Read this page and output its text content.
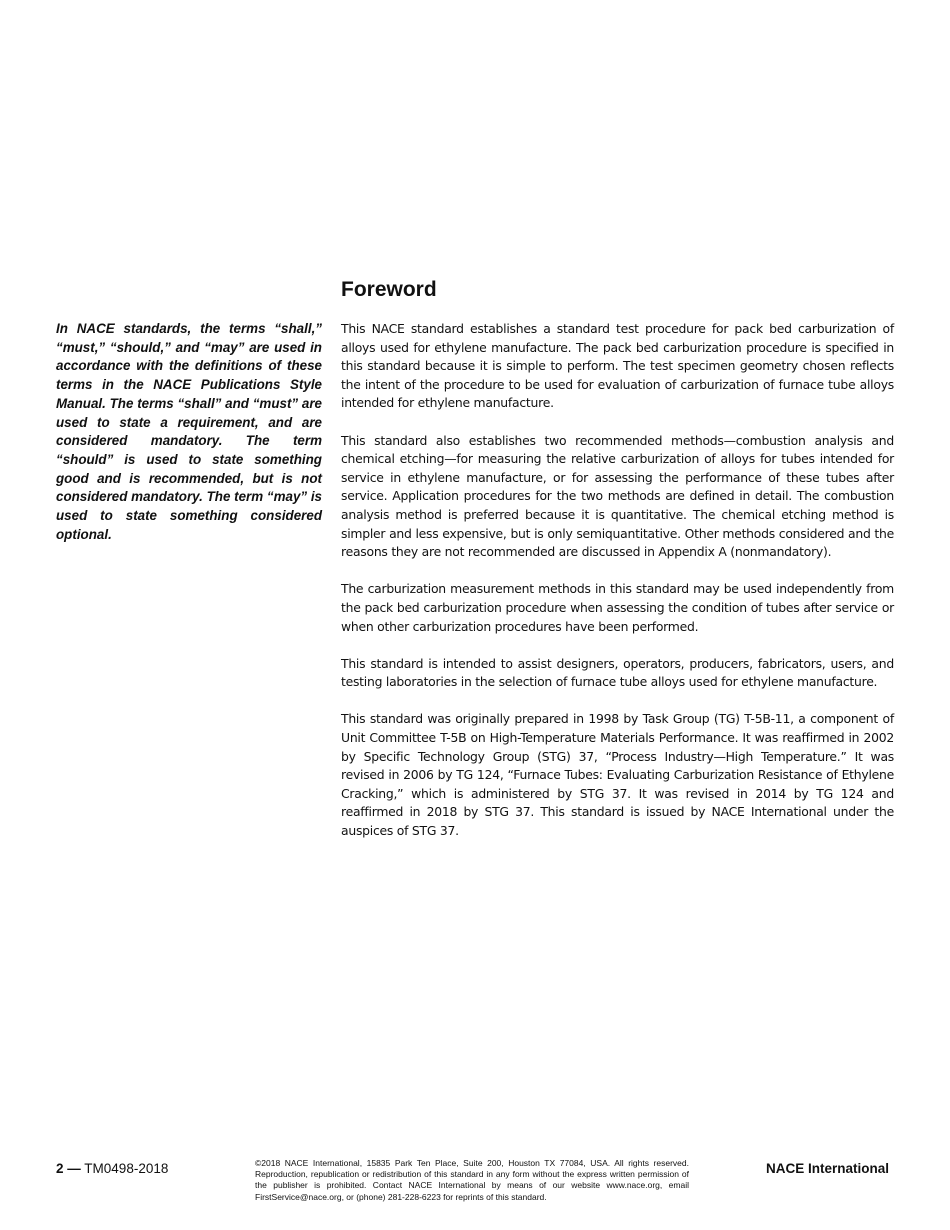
In NACE standards, the terms “shall,” “must,” “should,” and “may” are used in accordance with the definitions of these terms in the NACE Publications Style Manual. The terms “shall” and “must” are used to state a requirement, and are considered mandatory. The term “should” is used to state something good and is recommended, but is not considered mandatory. The term “may” is used to state something considered optional.

Foreword

This NACE standard establishes a standard test procedure for pack bed carburization of alloys used for ethylene manufacture. The pack bed carburization procedure is specified in this standard because it is simple to perform. The test specimen geometry chosen reflects the intent of the procedure to be used for evaluation of carburization of furnace tube alloys intended for ethylene manufacture.

This standard also establishes two recommended methods—combustion analysis and chemical etching—for measuring the relative carburization of alloys for tubes intended for service in ethylene manufacture, or for assessing the performance of these tubes after service. Application procedures for the two methods are defined in detail. The combustion analysis method is preferred because it is quantitative. The chemical etching method is simpler and less expensive, but is only semiquantitative. Other methods considered and the reasons they are not recommended are discussed in Appendix A (nonmandatory).

The carburization measurement methods in this standard may be used independently from the pack bed carburization procedure when assessing the condition of tubes after service or when other carburization procedures have been performed.

This standard is intended to assist designers, operators, producers, fabricators, users, and testing laboratories in the selection of furnace tube alloys used for ethylene manufacture.

This standard was originally prepared in 1998 by Task Group (TG) T-5B-11, a component of Unit Committee T-5B on High-Temperature Materials Performance. It was reaffirmed in 2002 by Specific Technology Group (STG) 37, “Process Industry—High Temperature.” It was revised in 2006 by TG 124, “Furnace Tubes: Evaluating Carburization Resistance of Ethylene Cracking,” which is administered by STG 37. It was revised in 2014 by TG 124 and reaffirmed in 2018 by STG 37. This standard is issued by NACE International under the auspices of STG 37.

2 — TM0498-2018	©2018 NACE International, 15835 Park Ten Place, Suite 200, Houston TX 77084, USA. All rights reserved. Reproduction, republication or redistribution of this standard in any form without the express written permission of the publisher is prohibited. Contact NACE International by means of our website www.nace.org, email FirstService@nace.org, or (phone) 281-228-6223 for reprints of this standard.

NACE International
